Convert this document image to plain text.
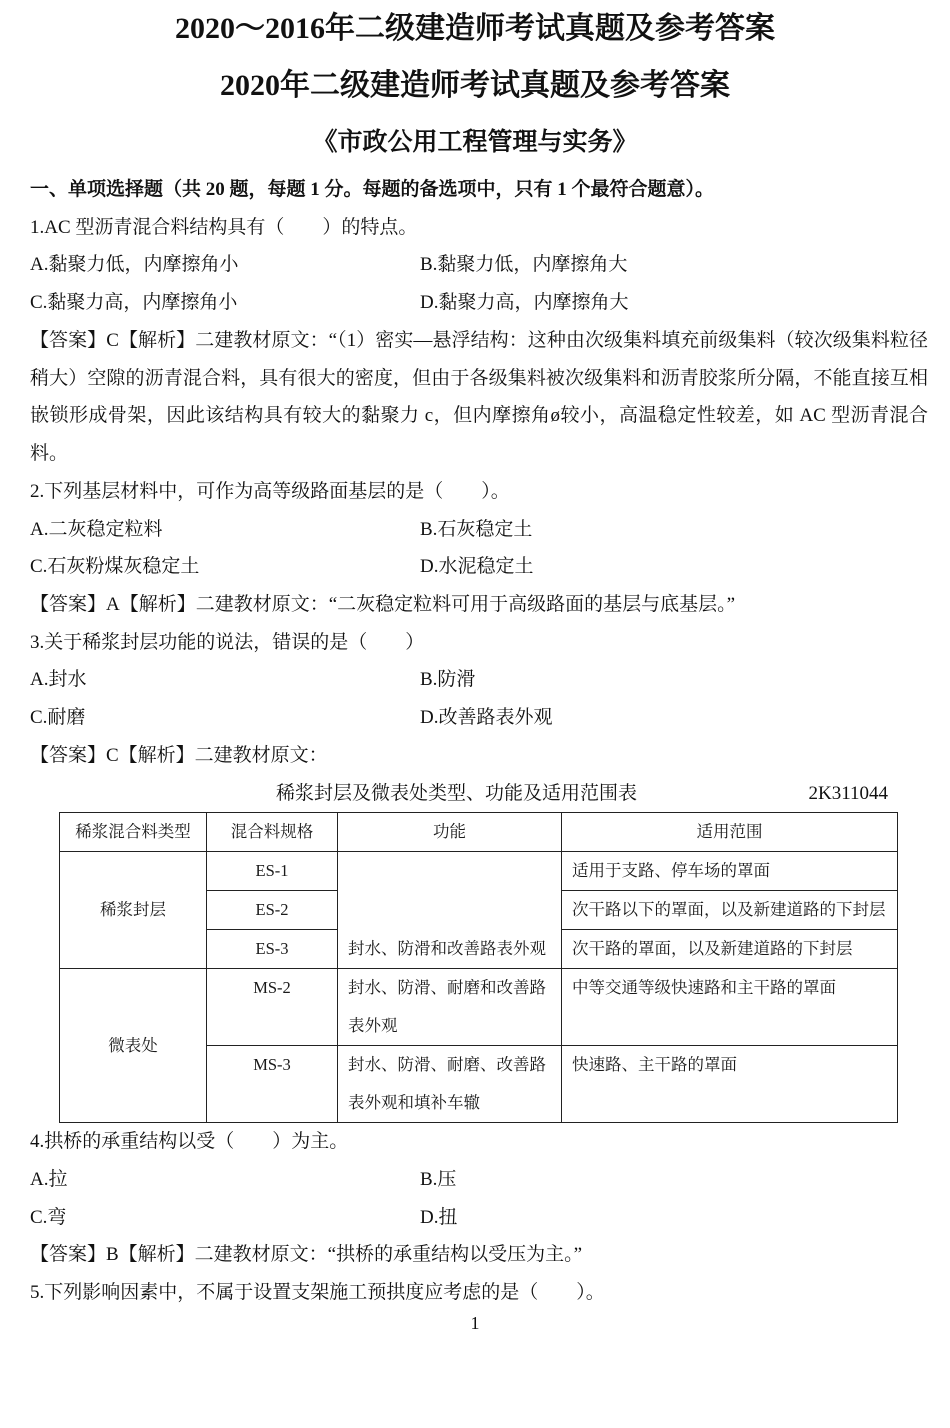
2020～2016年二级建造师考试真题及参考答案
2020年二级建造师考试真题及参考答案
《市政公用工程管理与实务》
一、单项选择题（共 20 题，每题 1 分。每题的备选项中，只有 1 个最符合题意）。
1.AC 型沥青混合料结构具有（　　）的特点。
A.黏聚力低，内摩擦角小	B.黏聚力低，内摩擦角大
C.黏聚力高，内摩擦角小	D.黏聚力高，内摩擦角大
【答案】C【解析】二建教材原文：“（1）密实—悬浮结构：这种由次级集料填充前级集料（较次级集料粒径稍大）空隙的沥青混合料，具有很大的密度，但由于各级集料被次级集料和沥青胶浆所分隔，不能直接互相嵌锁形成骨架，因此该结构具有较大的黏聚力 c，但内摩擦角ø较小，高温稳定性较差，如 AC 型沥青混合料。
2.下列基层材料中，可作为高等级路面基层的是（　　）。
A.二灰稳定粒料	B.石灰稳定土
C.石灰粉煤灰稳定土	D.水泥稳定土
【答案】A【解析】二建教材原文：“二灰稳定粒料可用于高级路面的基层与底基层。”
3.关于稀浆封层功能的说法，错误的是（　　）
A.封水	B.防滑
C.耐磨	D.改善路表外观
【答案】C【解析】二建教材原文：
稀浆封层及微表处类型、功能及适用范围表	2K311044
稀浆混合料类型	混合料规格	功能	适用范围
稀浆封层	ES-1	封水、防滑和改善路表外观	适用于支路、停车场的罩面
	ES-2		次干路以下的罩面，以及新建道路的下封层
	ES-3		次干路的罩面，以及新建道路的下封层
微表处	MS-2	封水、防滑、耐磨和改善路表外观	中等交通等级快速路和主干路的罩面
	MS-3	封水、防滑、耐磨、改善路表外观和填补车辙	快速路、主干路的罩面
4.拱桥的承重结构以受（　　）为主。
A.拉	B.压
C.弯	D.扭
【答案】B【解析】二建教材原文：“拱桥的承重结构以受压为主。”
5.下列影响因素中，不属于设置支架施工预拱度应考虑的是（　　）。
1
